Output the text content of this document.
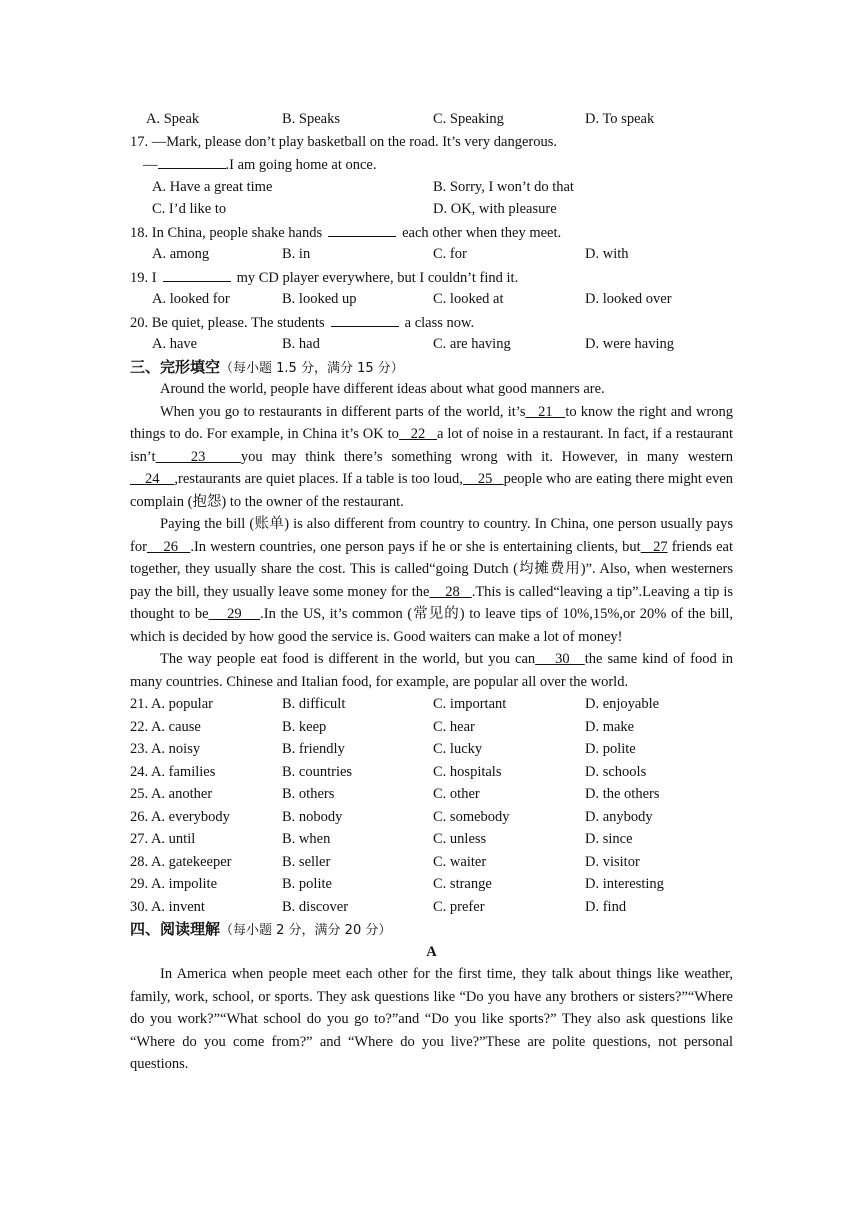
A. Speak	B. Speaks	C. Speaking	D. To speak
17. —Mark, please don’t play basketball on the road. It’s very dangerous.
—	.I am going home at once.
A. Have a great time	B. Sorry, I won’t do that
C. I’d like to	D. OK, with pleasure
18. In China, people shake hands	each other when they meet.
A. among	B. in	C. for	D. with
19. I	my CD player everywhere, but I couldn’t find it.
A. looked for	B. looked up	C. looked at	D. looked over
20. Be quiet, please. The students	a class now.
A. have	B. had	C. are having	D. were having
三、完形填空（每小题 1.5 分，满分 15 分）

Around the world, people have different ideas about what good manners are.

When you go to restaurants in different parts of the world, it’s   21   to know the right and wrong things to do. For example, in China it’s OK to   22   a lot of noise in a restaurant. In fact, if a restaurant isn’t    23    you may think there’s something wrong with it. However, in many western    24    ,restaurants are quiet places. If a table is too loud,    25   people who are eating there might even complain (抱怨) to the owner of the restaurant.

Paying the bill (账单) is also different from country to country. In China, one person usually pays for    26   .In western countries, one person pays if he or she is entertaining clients, but   27 friends eat together, they usually share the cost. This is called“going Dutch (均摊费用)”. Also, when westerners pay the bill, they usually leave some money for the    28   .This is called“leaving a tip”.Leaving a tip is thought to be    29    .In the US, it’s common (常见的) to leave tips of 10%,15%,or 20% of the bill, which is decided by how good the service is. Good waiters can make a lot of money!

The way people eat food is different in the world, but you can    30   the same kind of food in many countries. Chinese and Italian food, for example, are popular all over the world.

21. A. popular	B. difficult	C. important	D. enjoyable
22. A. cause	B. keep	C. hear	D. make
23. A. noisy	B. friendly	C. lucky	D. polite
24. A. families	B. countries	C. hospitals	D. schools
25. A. another	B. others	C. other	D. the others
26. A. everybody	B. nobody	C. somebody	D. anybody
27. A. until	B. when	C. unless	D. since
28. A. gatekeeper	B. seller	C. waiter	D. visitor
29. A. impolite	B. polite	C. strange	D. interesting
30. A. invent	B. discover	C. prefer	D. find
四、阅读理解（每小题 2 分，满分 20 分）
A

In America when people meet each other for the first time, they talk about things like weather, family, work, school, or sports. They ask questions like “Do you have any brothers or sisters?”“Where do you work?”“What school do you go to?”and “Do you like sports?” They also ask questions like “Where do you come from?” and “Where do you live?”These are polite questions, not personal questions.
